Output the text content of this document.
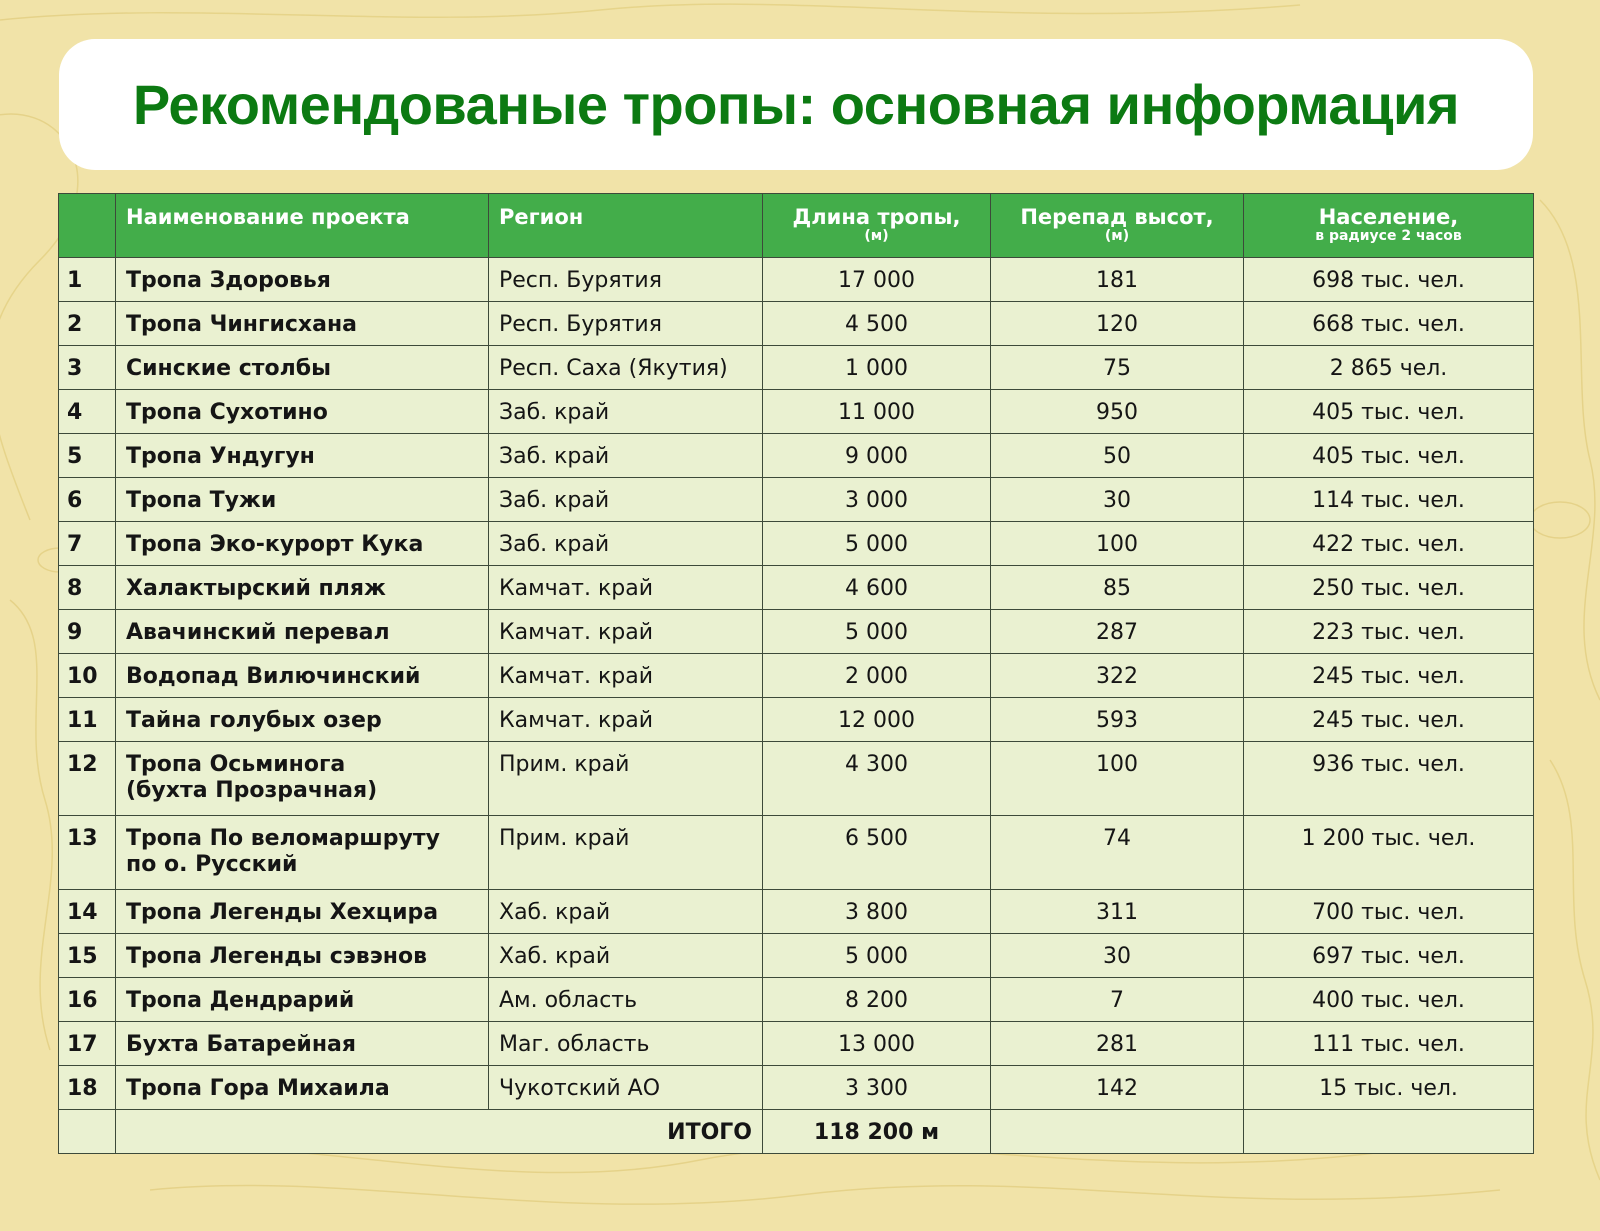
Рекомендованые тропы: основная информация

	Наименование проекта	Регион	Длина тропы,
(м)	Перепад высот,
(м)	Население,
в радиусе 2 часов

1	Тропа Здоровья	Респ. Бурятия	17 000	181	698 тыс. чел.
2	Тропа Чингисхана	Респ. Бурятия	4 500	120	668 тыс. чел.
3	Синские столбы	Респ. Саха (Якутия)	1 000	75	2 865 чел.
4	Тропа Сухотино	Заб. край	11 000	950	405 тыс. чел.
5	Тропа Ундугун	Заб. край	9 000	50	405 тыс. чел.
6	Тропа Тужи	Заб. край	3 000	30	114 тыс. чел.
7	Тропа Эко-курорт Кука	Заб. край	5 000	100	422 тыс. чел.
8	Халактырский пляж	Камчат. край	4 600	85	250 тыс. чел.
9	Авачинский перевал	Камчат. край	5 000	287	223 тыс. чел.
10	Водопад Вилючинский	Камчат. край	2 000	322	245 тыс. чел.
11	Тайна голубых озер	Камчат. край	12 000	593	245 тыс. чел.
12	Тропа Осьминога
(бухта Прозрачная)	Прим. край	4 300	100	936 тыс. чел.
13	Тропа По веломаршруту
по о. Русский	Прим. край	6 500	74	1 200 тыс. чел.
14	Тропа Легенды Хехцира	Хаб. край	3 800	311	700 тыс. чел.
15	Тропа Легенды сэвэнов	Хаб. край	5 000	30	697 тыс. чел.
16	Тропа Дендрарий	Ам. область	8 200	7	400 тыс. чел.
17	Бухта Батарейная	Маг. область	13 000	281	111 тыс. чел.
18	Тропа Гора Михаила	Чукотский АО	3 300	142	15 тыс. чел.
	ИТОГО		118 200 м		
